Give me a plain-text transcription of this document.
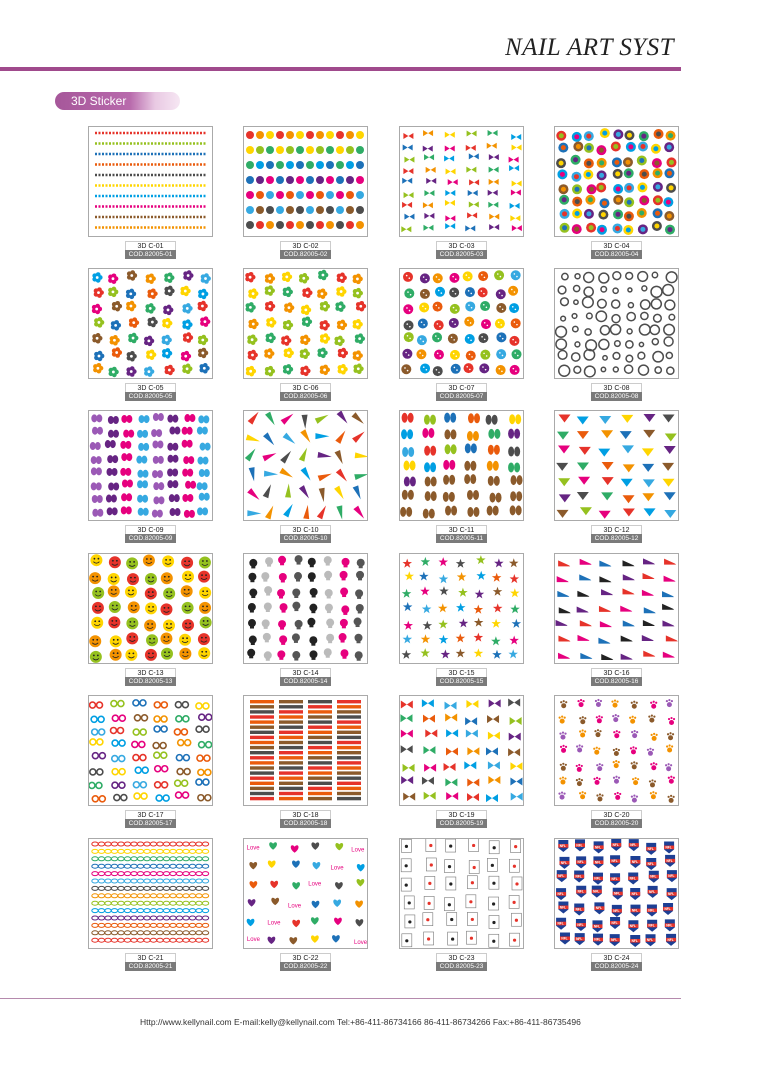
NAIL ART SYST
3D Sticker
3D C-01
COD.82005-01
3D C-02
COD.82005-02
3D C-03
COD.82005-03
3D C-04
COD.82005-04
3D C-05
COD.82005-05
3D C-06
COD.82005-06
3D C-07
COD.82005-07
3D C-08
COD.82005-08
3D C-09
COD.82005-09
3D C-10
COD.82005-10
3D C-11
COD.82005-11
3D C-12
COD.82005-12
3D C-13
COD.82005-13
3D C-14
COD.82005-14
3D C-15
COD.82005-15
3D C-16
COD.82005-16
3D C-17
COD.82005-17
3D C-18
COD.82005-18
3D C-19
COD.82005-19
3D C-20
COD.82005-20
3D C-21
COD.82005-21
Love	Love
Love
Love
Love
Love
Love	Love
3D C-22
COD.82005-22
3D C-23
COD.82005-23
NFL	NFL
NFL
NFL	NFL
NFL	NFL
NFL	NFL	NFL	NFL	NFL
NFL
NFL
NFL	NFL
NFL	NFL	NFL	NFL	NFL
NFL
NFL	NFL
NFL	NFL
NFL
NFL
NFL	NFL	NFL
NFL	NFL	NFL	NFL
NFL	NFL	NFL
NFL
NFL	NFL	NFL
NFL	NFL	NFL	NFL	NFL	NFL	NFL
3D C-24
COD.82005-24
Http://www.kellynail.com E-mail:kelly@kellynail.com Tel:+86-411-86734166 86-411-86734266 Fax:+86-411-86735496
